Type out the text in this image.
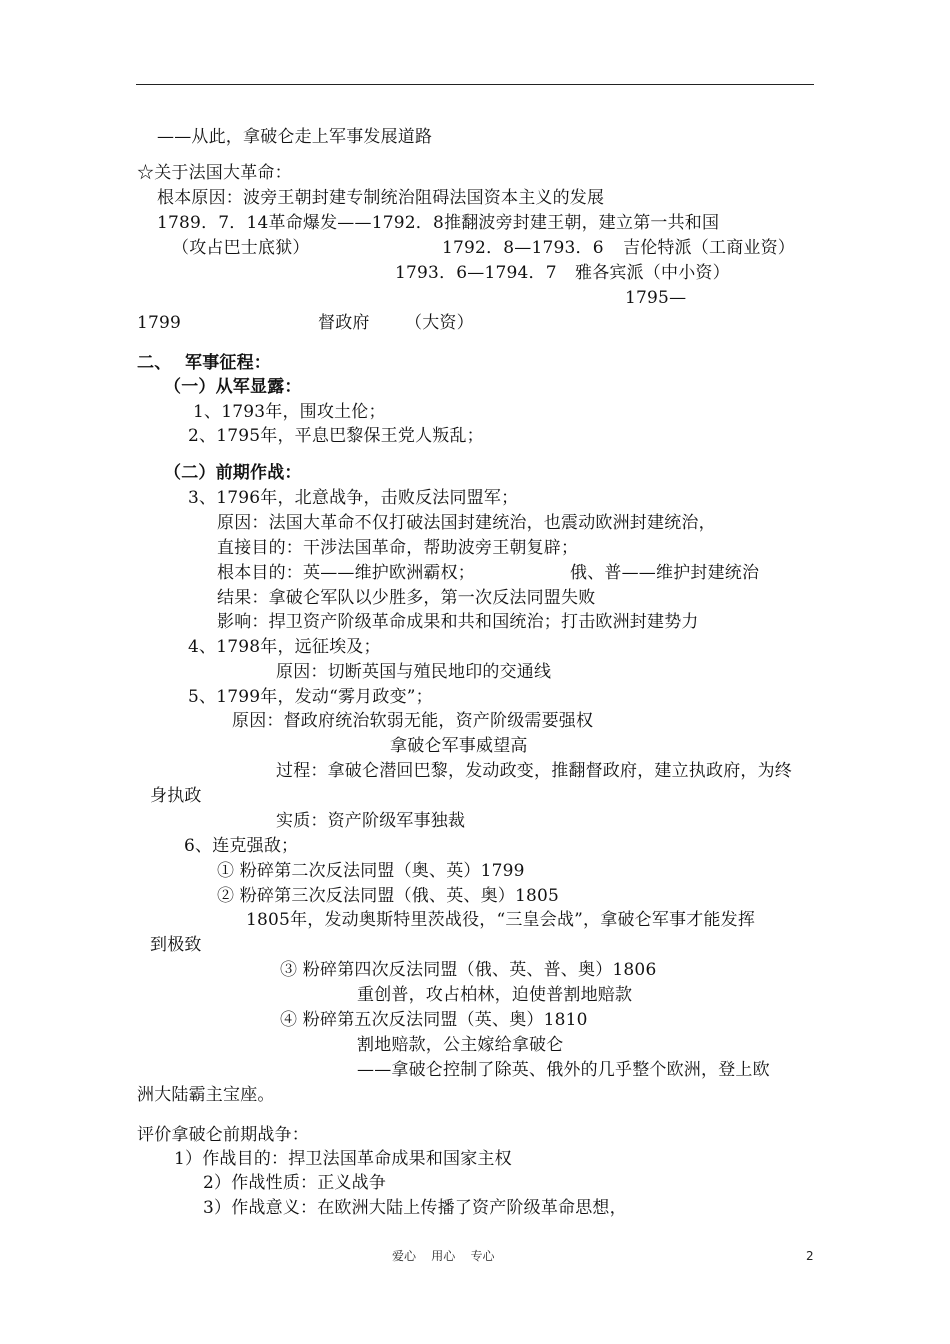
——从此，拿破仑走上军事发展道路
☆关于法国大革命：
根本原因：波旁王朝封建专制统治阻碍法国资本主义的发展
1789．7．14革命爆发——1792．8推翻波旁封建王朝，建立第一共和国
（攻占巴士底狱）	1792．8—1793．6 吉伦特派（工商业资）
1793．6—1794．7 雅各宾派（中小资）
1795—
1799	督政府 （大资）
二、 军事征程：
（一）从军显露：
1、1793年，围攻土伦；
2、1795年，平息巴黎保王党人叛乱；
（二）前期作战：
3、1796年，北意战争，击败反法同盟军；
原因：法国大革命不仅打破法国封建统治，也震动欧洲封建统治，
直接目的：干涉法国革命，帮助波旁王朝复辟；
根本目的：英——维护欧洲霸权；	俄、普——维护封建统治
结果：拿破仑军队以少胜多，第一次反法同盟失败
影响：捍卫资产阶级革命成果和共和国统治；打击欧洲封建势力
4、1798年，远征埃及；
原因：切断英国与殖民地印的交通线
5、1799年，发动“雾月政变”；
原因：督政府统治软弱无能，资产阶级需要强权
拿破仑军事威望高
过程：拿破仑潜回巴黎，发动政变，推翻督政府，建立执政府，为终
身执政
实质：资产阶级军事独裁
6、连克强敌；
① 粉碎第二次反法同盟（奥、英）1799
② 粉碎第三次反法同盟（俄、英、奥）1805
1805年，发动奥斯特里茨战役，“三皇会战”，拿破仑军事才能发挥
到极致
③ 粉碎第四次反法同盟（俄、英、普、奥）1806
重创普，攻占柏林，迫使普割地赔款
④ 粉碎第五次反法同盟（英、奥）1810
割地赔款，公主嫁给拿破仑
——拿破仑控制了除英、俄外的几乎整个欧洲，登上欧
洲大陆霸主宝座。
评价拿破仑前期战争：
1）作战目的：捍卫法国革命成果和国家主权
2）作战性质：正义战争
3）作战意义：在欧洲大陆上传播了资产阶级革命思想，
爱心    用心    专心	2
